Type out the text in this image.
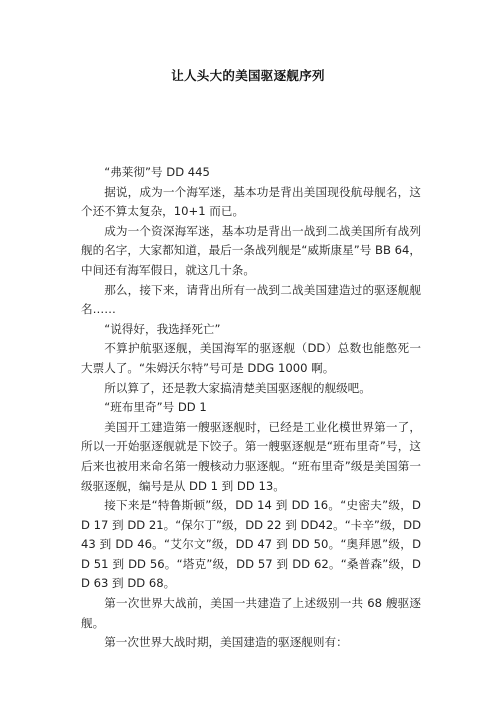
让人头大的美国驱逐舰序列

“弗莱彻”号 DD 445

据说，成为一个海军迷，基本功是背出美国现役航母舰名，这个还不算太复杂，10+1 而已。

成为一个资深海军迷，基本功是背出一战到二战美国所有战列舰的名字，大家都知道，最后一条战列舰是“威斯康星”号 BB 64，中间还有海军假日，就这几十条。

那么，接下来，请背出所有一战到二战美国建造过的驱逐舰舰名……

“说得好，我选择死亡”

不算护航驱逐舰，美国海军的驱逐舰（DD）总数也能憋死一大票人了。“朱姆沃尔特”号可是 DDG 1000 啊。

所以算了，还是教大家搞清楚美国驱逐舰的舰级吧。

“班布里奇”号 DD 1

美国开工建造第一艘驱逐舰时，已经是工业化模世界第一了，所以一开始驱逐舰就是下饺子。第一艘驱逐舰是“班布里奇”号，这后来也被用来命名第一艘核动力驱逐舰。“班布里奇”级是美国第一级驱逐舰，编号是从 DD 1 到 DD 13。

接下来是“特鲁斯顿”级，DD 14 到 DD 16。“史密夫”级，DD 17 到 DD 21。“保尔丁”级，DD 22 到 DD42。“卡辛”级，DD 43 到 DD 46。“艾尔文”级，DD 47 到 DD 50。“奥拜恩”级，DD 51 到 DD 56。“塔克”级，DD 57 到 DD 62。“桑普森”级，DD 63 到 DD 68。

第一次世界大战前，美国一共建造了上述级别一共 68 艘驱逐舰。

第一次世界大战时期，美国建造的驱逐舰则有：
